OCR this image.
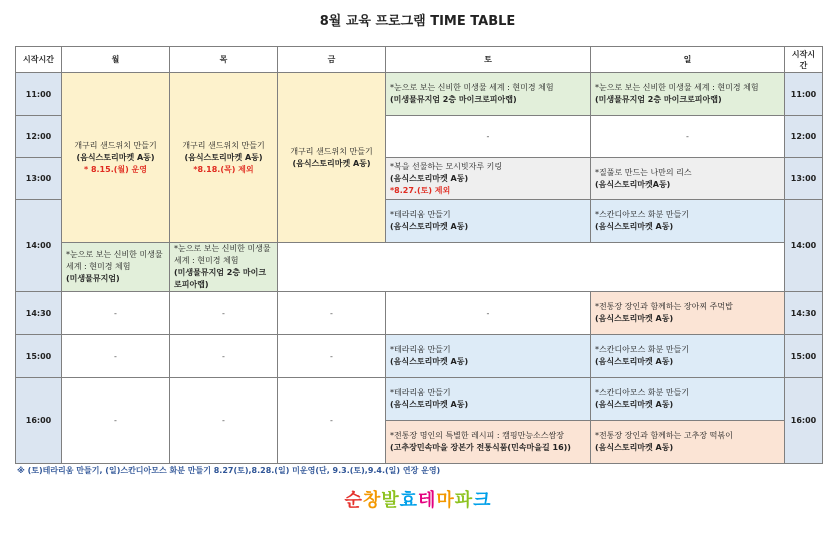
8월 교육 프로그램 TIME TABLE
시작시간	월	목	금	토	일	시작시간
11:00	개구리 샌드위치 만들기
(음식스토리마켓 A동)
* 8.15.(월) 운영	개구리 샌드위치 만들기
(음식스토리마켓 A동)
*8.18.(목) 제외	개구리 샌드위치 만들기
(음식스토리마켓 A동)	*눈으로 보는 신비한 미생물 세계 : 현미경 체험
(미생물뮤지엄 2층 마이크로피아랩)	*눈으로 보는 신비한 미생물 세계 : 현미경 체험
(미생물뮤지엄 2층 마이크로피아랩)	11:00
12:00				-	-	12:00
13:00				*복을 선물하는 모시빗자루 키링
(음식스토리마켓 A동)
*8.27.(토) 제외	*질풀로 만드는 나만의 리스
(음식스토리마켓A동)	13:00
14:00				*테라리움 만들기
(음식스토리마켓 A동)	*스칸디아모스 화분 만들기
(음식스토리마켓 A동)	14:00

	*눈으로 보는 신비한 미생물 세계 : 현미경 체험
(미생물뮤지엄)	*눈으로 보는 신비한 미생물 세계 : 현미경 체험
(미생물뮤지엄 2층 마이크로피아랩)				

14:30	-	-	-	-	*전통장 장인과 함께하는 장아찌 주먹밥
(음식스토리마켓 A동)	14:30
15:00	-	-	-	*테라리움 만들기
(음식스토리마켓 A동)	*스칸디아모스 화분 만들기
(음식스토리마켓 A동)	15:00
16:00	-	-	-	*테라리움 만들기
(음식스토리마켓 A동)	*스칸디아모스 화분 만들기
(음식스토리마켓 A동)	16:00

				*전통장 명인의 특별한 레시피 : 캠핑만능소스쌈장
(고추장민속마을 장본가 전통식품(민속마을길 16))	*전통장 장인과 함께하는 고추장 떡볶이
(음식스토리마켓 A동)	
※ (토)테라리움 만들기, (일)스칸디아모스 화분 만들기 8.27(토),8.28.(일) 미운영(단, 9.3.(토),9.4.(일) 연장 운영)
순창발효테마파크
